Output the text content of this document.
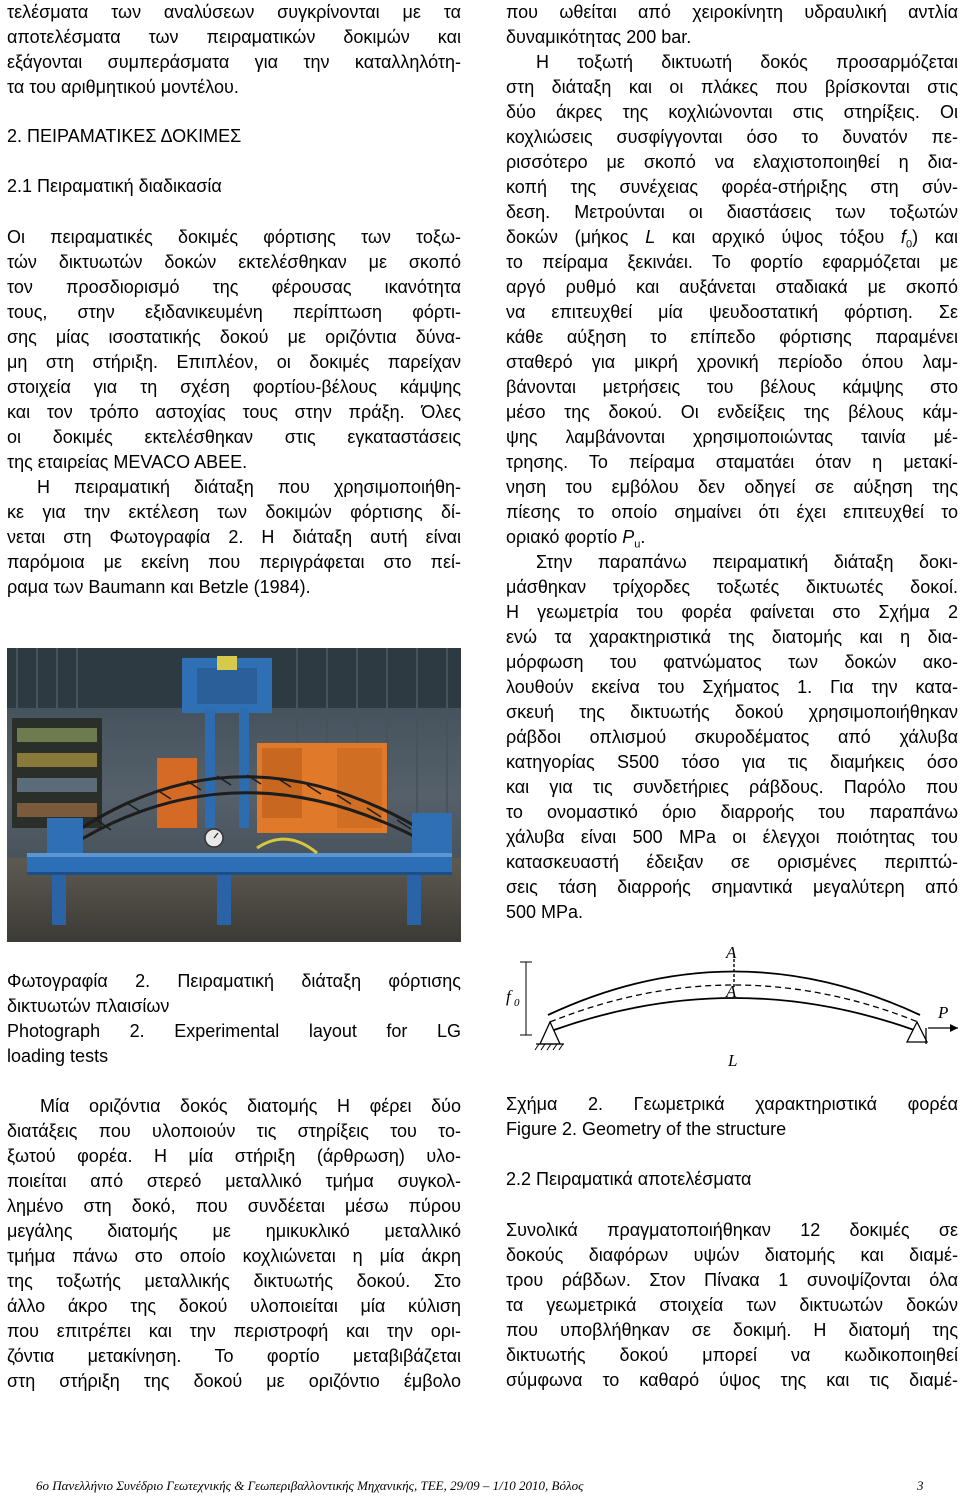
τελέσματα των αναλύσεων συγκρίνονται με τα
αποτελέσματα των πειραματικών δοκιμών και
εξάγονται συμπεράσματα για την καταλληλότη-
τα του αριθμητικού μοντέλου.
2. ΠΕΙΡΑΜΑΤΙΚΕΣ ΔΟΚΙΜΕΣ
2.1 Πειραματική διαδικασία
Οι πειραματικές δοκιμές φόρτισης των τοξω-
τών δικτυωτών δοκών εκτελέσθηκαν με σκοπό
τον προσδιορισμό της φέρουσας ικανότητα
τους, στην εξιδανικευμένη περίπτωση φόρτι-
σης μίας ισοστατικής δοκού με οριζόντια δύνα-
μη στη στήριξη. Επιπλέον, οι δοκιμές παρείχαν
στοιχεία για τη σχέση φορτίου-βέλους κάμψης
και τον τρόπο αστοχίας τους στην πράξη. Όλες
οι δοκιμές εκτελέσθηκαν στις εγκαταστάσεις
της εταιρείας MEVACO ABEE.
Η πειραματική διάταξη που χρησιμοποιήθη-
κε για την εκτέλεση των δοκιμών φόρτισης δί-
νεται στη Φωτογραφία 2. Η διάταξη αυτή είναι
παρόμοια με εκείνη που περιγράφεται στο πεί-
ραμα των Baumann και Betzle (1984).
Φωτογραφία 2. Πειραματική διάταξη φόρτισης
δικτυωτών πλαισίων
Photograph 2. Experimental layout for LG
loading tests
Μία οριζόντια δοκός διατομής Η φέρει δύο
διατάξεις που υλοποιούν τις στηρίξεις του το-
ξωτού φορέα. Η μία στήριξη (άρθρωση) υλο-
ποιείται από στερεό μεταλλικό τμήμα συγκολ-
λημένο στη δοκό, που συνδέεται μέσω πύρου
μεγάλης διατομής με ημικυκλικό μεταλλικό
τμήμα πάνω στο οποίο κοχλιώνεται η μία άκρη
της τοξωτής μεταλλικής δικτυωτής δοκού. Στο
άλλο άκρο της δοκού υλοποιείται μία κύλιση
που επιτρέπει και την περιστροφή και την ορι-
ζόντια μετακίνηση. Το φορτίο μεταβιβάζεται
στη στήριξη της δοκού με οριζόντιο έμβολο
που ωθείται από χειροκίνητη υδραυλική αντλία
δυναμικότητας 200 bar.
Η τοξωτή δικτυωτή δοκός προσαρμόζεται
στη διάταξη και οι πλάκες που βρίσκονται στις
δύο άκρες της κοχλιώνονται στις στηρίξεις. Οι
κοχλιώσεις συσφίγγονται όσο το δυνατόν πε-
ρισσότερο με σκοπό να ελαχιστοποιηθεί η δια-
κοπή της συνέχειας φορέα-στήριξης στη σύν-
δεση. Μετρούνται οι διαστάσεις των τοξωτών
δοκών (μήκος L και αρχικό ύψος τόξου $f_0$) και
το πείραμα ξεκινάει. Το φορτίο εφαρμόζεται με
αργό ρυθμό και αυξάνεται σταδιακά με σκοπό
να επιτευχθεί μία ψευδοστατική φόρτιση. Σε
κάθε αύξηση το επίπεδο φόρτισης παραμένει
σταθερό για μικρή χρονική περίοδο όπου λαμ-
βάνονται μετρήσεις του βέλους κάμψης στο
μέσο της δοκού. Οι ενδείξεις της βέλους κάμ-
ψης λαμβάνονται χρησιμοποιώντας ταινία μέ-
τρησης. Το πείραμα σταματάει όταν η μετακί-
νηση του εμβόλου δεν οδηγεί σε αύξηση της
πίεσης το οποίο σημαίνει ότι έχει επιτευχθεί το
οριακό φορτίο $P_u$.
Στην παραπάνω πειραματική διάταξη δοκι-
μάσθηκαν τρίχορδες τοξωτές δικτυωτές δοκοί.
Η γεωμετρία του φορέα φαίνεται στο Σχήμα 2
ενώ τα χαρακτηριστικά της διατομής και η δια-
μόρφωση του φατνώματος των δοκών ακο-
λουθούν εκείνα του Σχήματος 1. Για την κατα-
σκευή της δικτυωτής δοκού χρησιμοποιήθηκαν
ράβδοι οπλισμού σκυροδέματος από χάλυβα
κατηγορίας S500 τόσο για τις διαμήκεις όσο
και για τις συνδετήριες ράβδους. Παρόλο που
το ονομαστικό όριο διαρροής του παραπάνω
χάλυβα είναι 500 MPa οι έλεγχοι ποιότητας του
κατασκευαστή έδειξαν σε ορισμένες περιπτώ-
σεις τάση διαρροής σημαντικά μεγαλύτερη από
500 MPa.
Σχήμα 2. Γεωμετρικά χαρακτηριστικά φορέα
Figure 2. Geometry of the structure
2.2 Πειραματικά αποτελέσματα
Συνολικά πραγματοποιήθηκαν 12 δοκιμές σε
δοκούς διαφόρων υψών διατομής και διαμέ-
τρου ράβδων. Στον Πίνακα 1 συνοψίζονται όλα
τα γεωμετρικά στοιχεία των δικτυωτών δοκών
που υποβλήθηκαν σε δοκιμή. Η διατομή της
δικτυωτής δοκού μπορεί να κωδικοποιηθεί
σύμφωνα το καθαρό ύψος της και τις διαμέ-
A
A
f 0
L
P
6ο Πανελλήνιο Συνέδριο Γεωτεχνικής & Γεωπεριβαλλοντικής Μηχανικής, ΤΕΕ, 29/09 – 1/10 2010, Βόλος	3
